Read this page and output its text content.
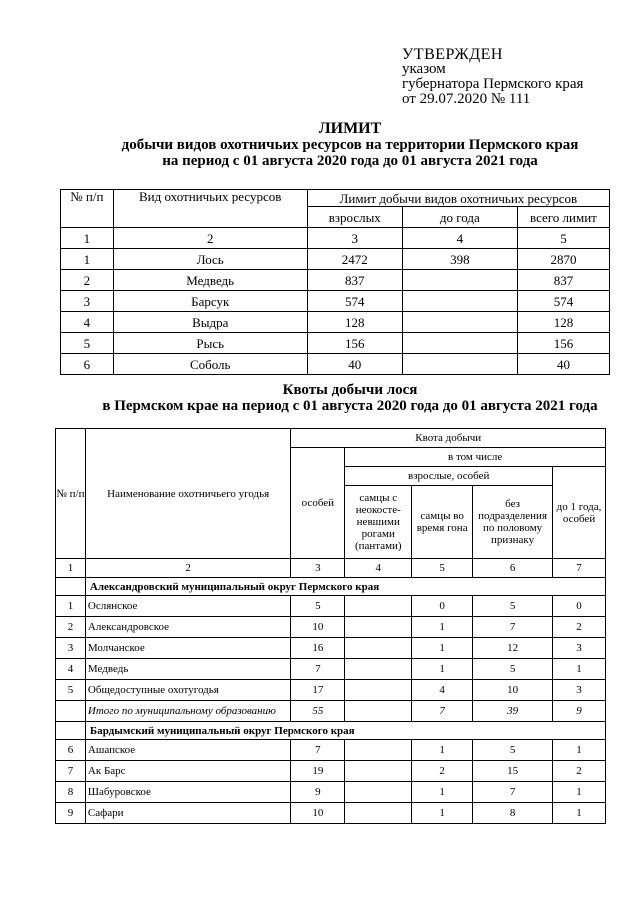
УТВЕРЖДЕН
указом
губернатора Пермского края
от 29.07.2020 № 111
ЛИМИТ
добычи видов охотничьих ресурсов на территории Пермского края
на период с 01 августа 2020 года до 01 августа 2021 года
№ п/п	Вид охотничьих ресурсов	Лимит добычи видов охотничьих ресурсов		
		взрослых	до года	всего лимит
1	2	3	4	5
1	Лось	2472	398	2870
2	Медведь	837		837
3	Барсук	574		574
4	Выдра	128		128
5	Рысь	156		156
6	Соболь	40		40
Квоты добычи лося
в Пермском крае на период с 01 августа 2020 года до 01 августа 2021 года
№ п/п	Наименование охотничьего угодья	Квота добычи				
		особей	в том числе			
			взрослые, особей			до 1 года, особей
			самцы с неокосте-невшими рогами (пантами)	самцы во время гона	без подразделения по половому признаку	
1	2	3	4	5	6	7
	Александровский муниципальный округ Пермского края					
1	Ослянское	5		0	5	0
2	Александровское	10		1	7	2
3	Молчанское	16		1	12	3
4	Медведь	7		1	5	1
5	Общедоступные охотугодья	17		4	10	3
	Итого по муниципальному образованию	55		7	39	9
	Бардымский муниципальный округ Пермского края					
6	Ашапское	7		1	5	1
7	Ак Барс	19		2	15	2
8	Шабуровское	9		1	7	1
9	Сафари	10		1	8	1
